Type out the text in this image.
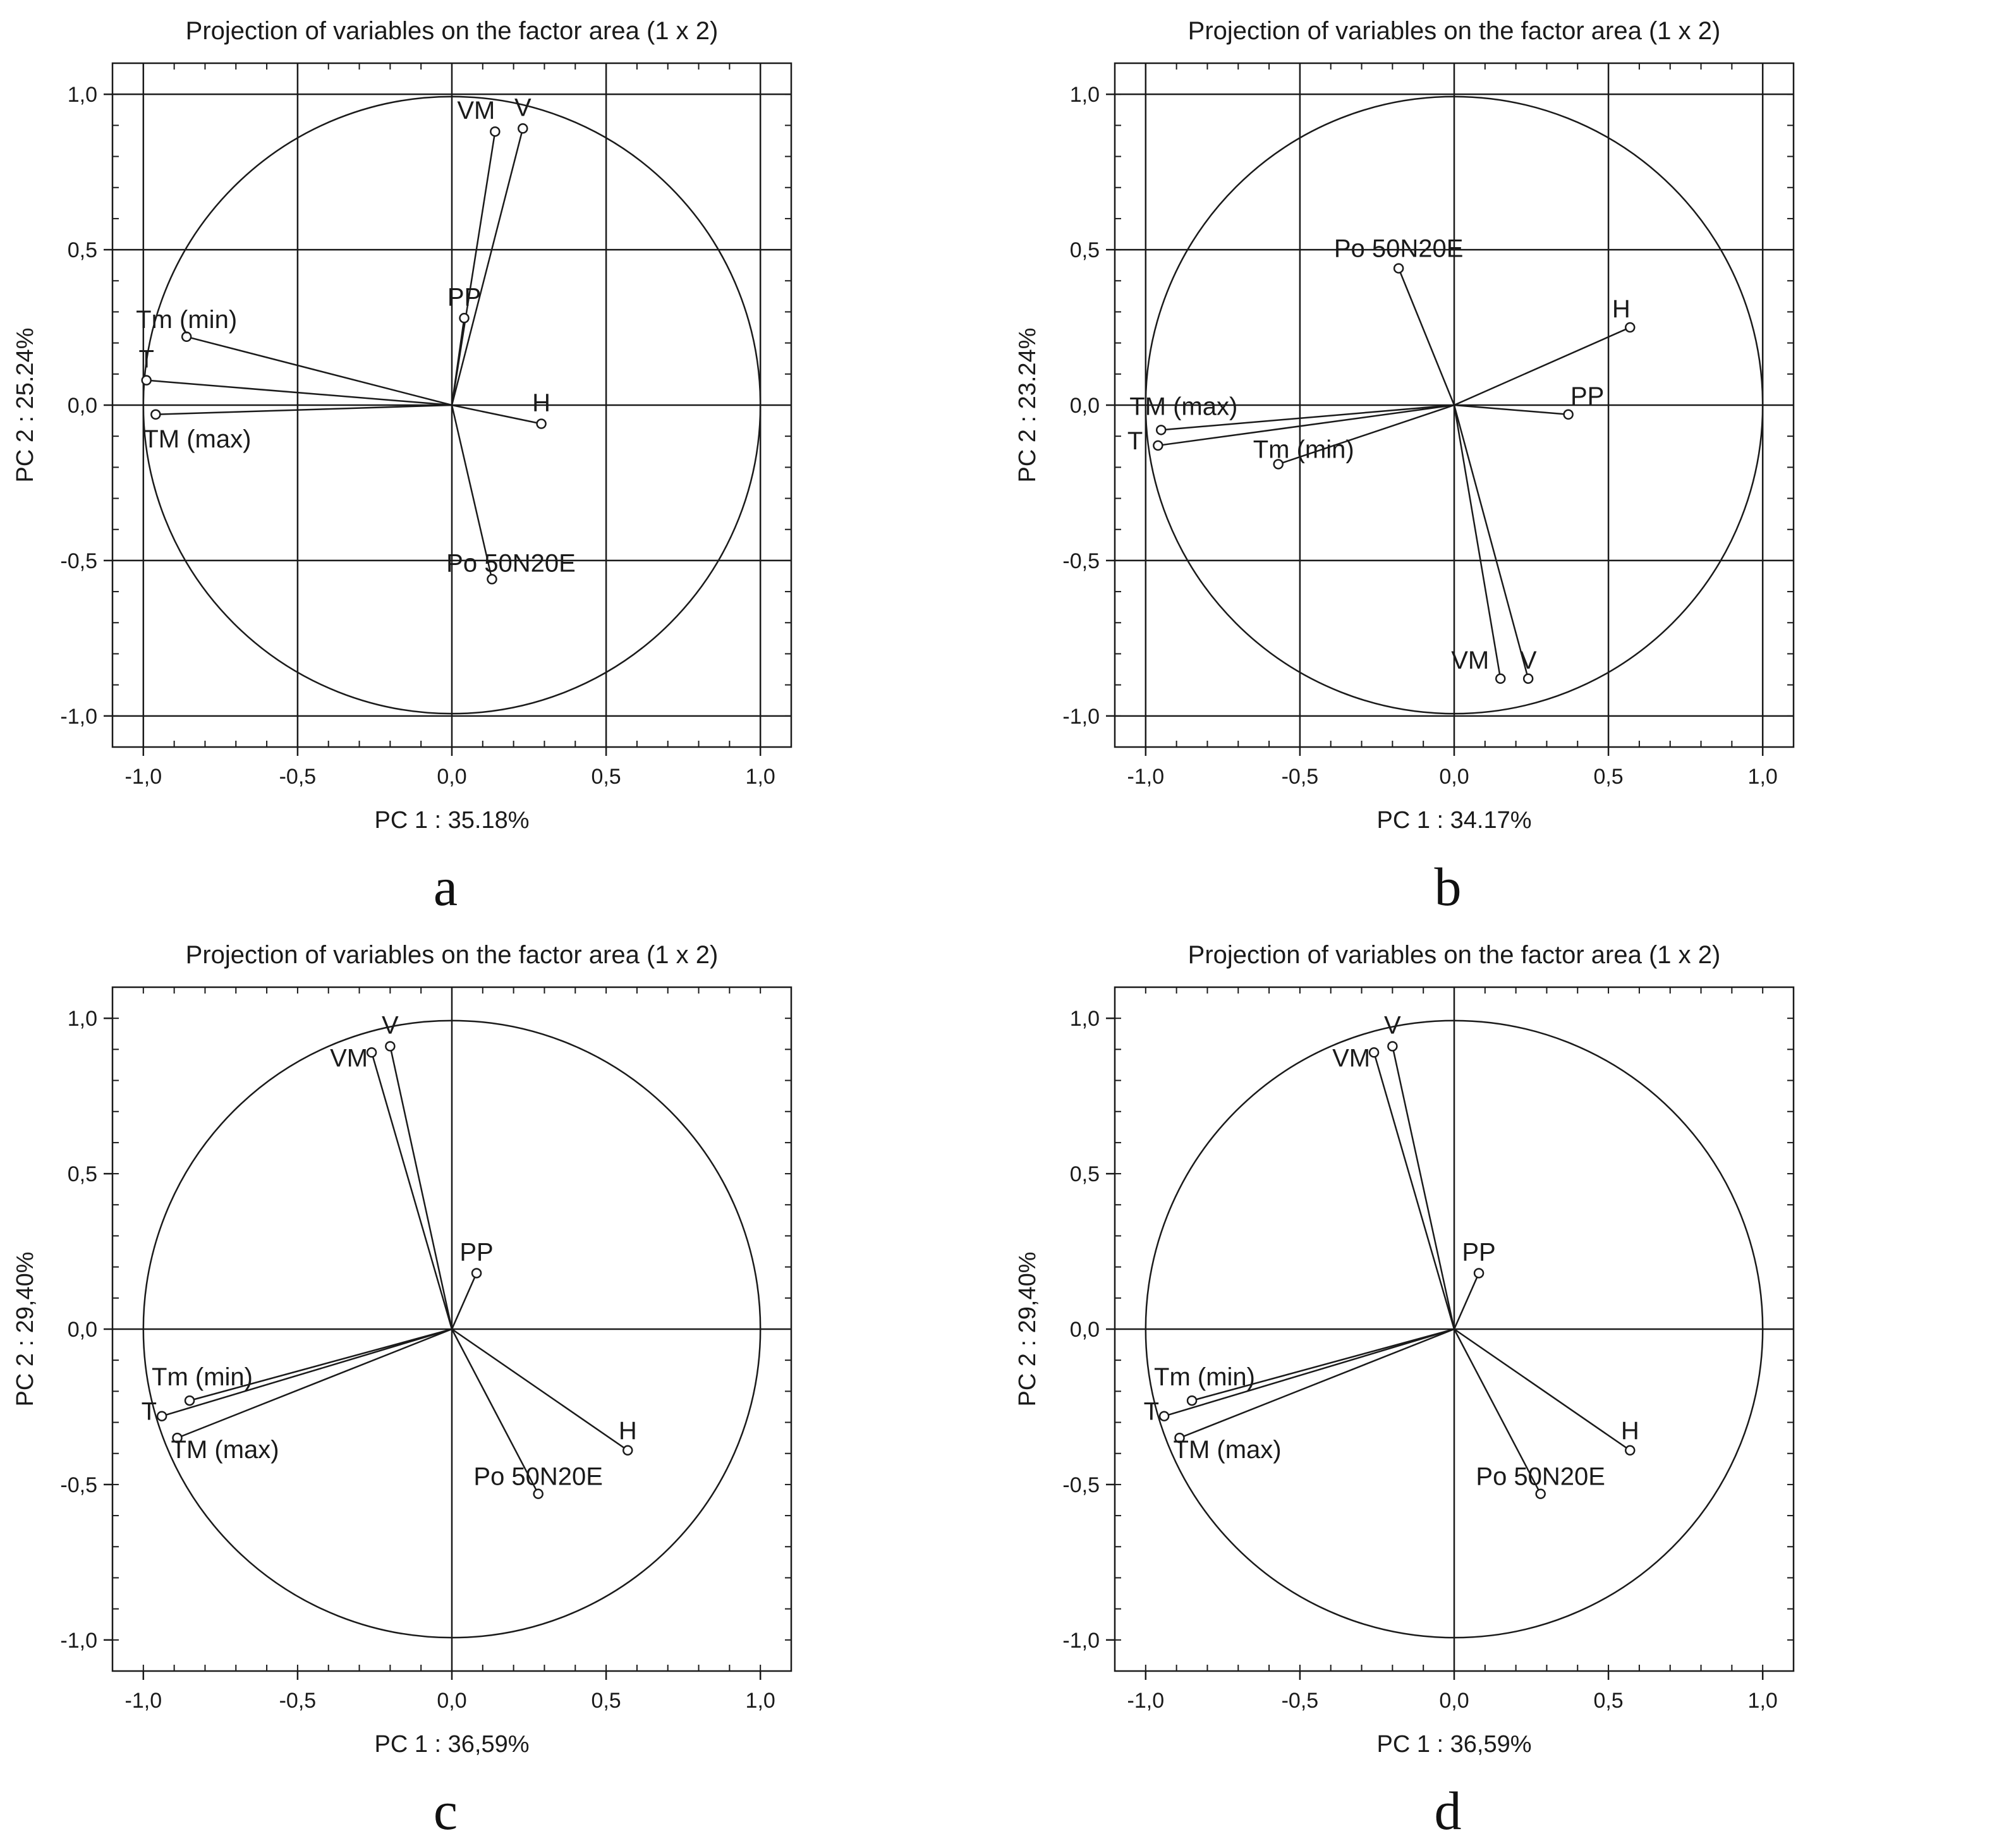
Projection of variables on the factor area (1 x 2)
-1,0	-0,5	0,0	0,5	1,0
1,0
0,5
0,0
-0,5
-1,0
PC 1 : 35.18%
PC 2 : 25.24%
VM V
PP
Tm (min)
T
TM (max)
H
Po 50N20E
a
Projection of variables on the factor area (1 x 2)
-1,0	-0,5	0,0	0,5	1,0
1,0
0,5
0,0
-0,5
-1,0
PC 1 : 34.17%
PC 2 : 23.24%
Po 50N20E
H
PP
TM (max)
T	Tm (min)
VM V
b
Projection of variables on the factor area (1 x 2)
-1,0	-0,5	0,0	0,5	1,0
1,0
0,5
0,0
-0,5
-1,0
PC 1 : 36,59%
PC 2 : 29,40%
VM
V
PP
Tm (min)
T
TM (max)
H
Po 50N20E
c
Projection of variables on the factor area (1 x 2)
-1,0	-0,5	0,0	0,5	1,0
1,0
0,5
0,0
-0,5
-1,0
PC 1 : 36,59%
PC 2 : 29,40%
VM
V
PP
Tm (min)
T
TM (max)
H
Po 50N20E
d
